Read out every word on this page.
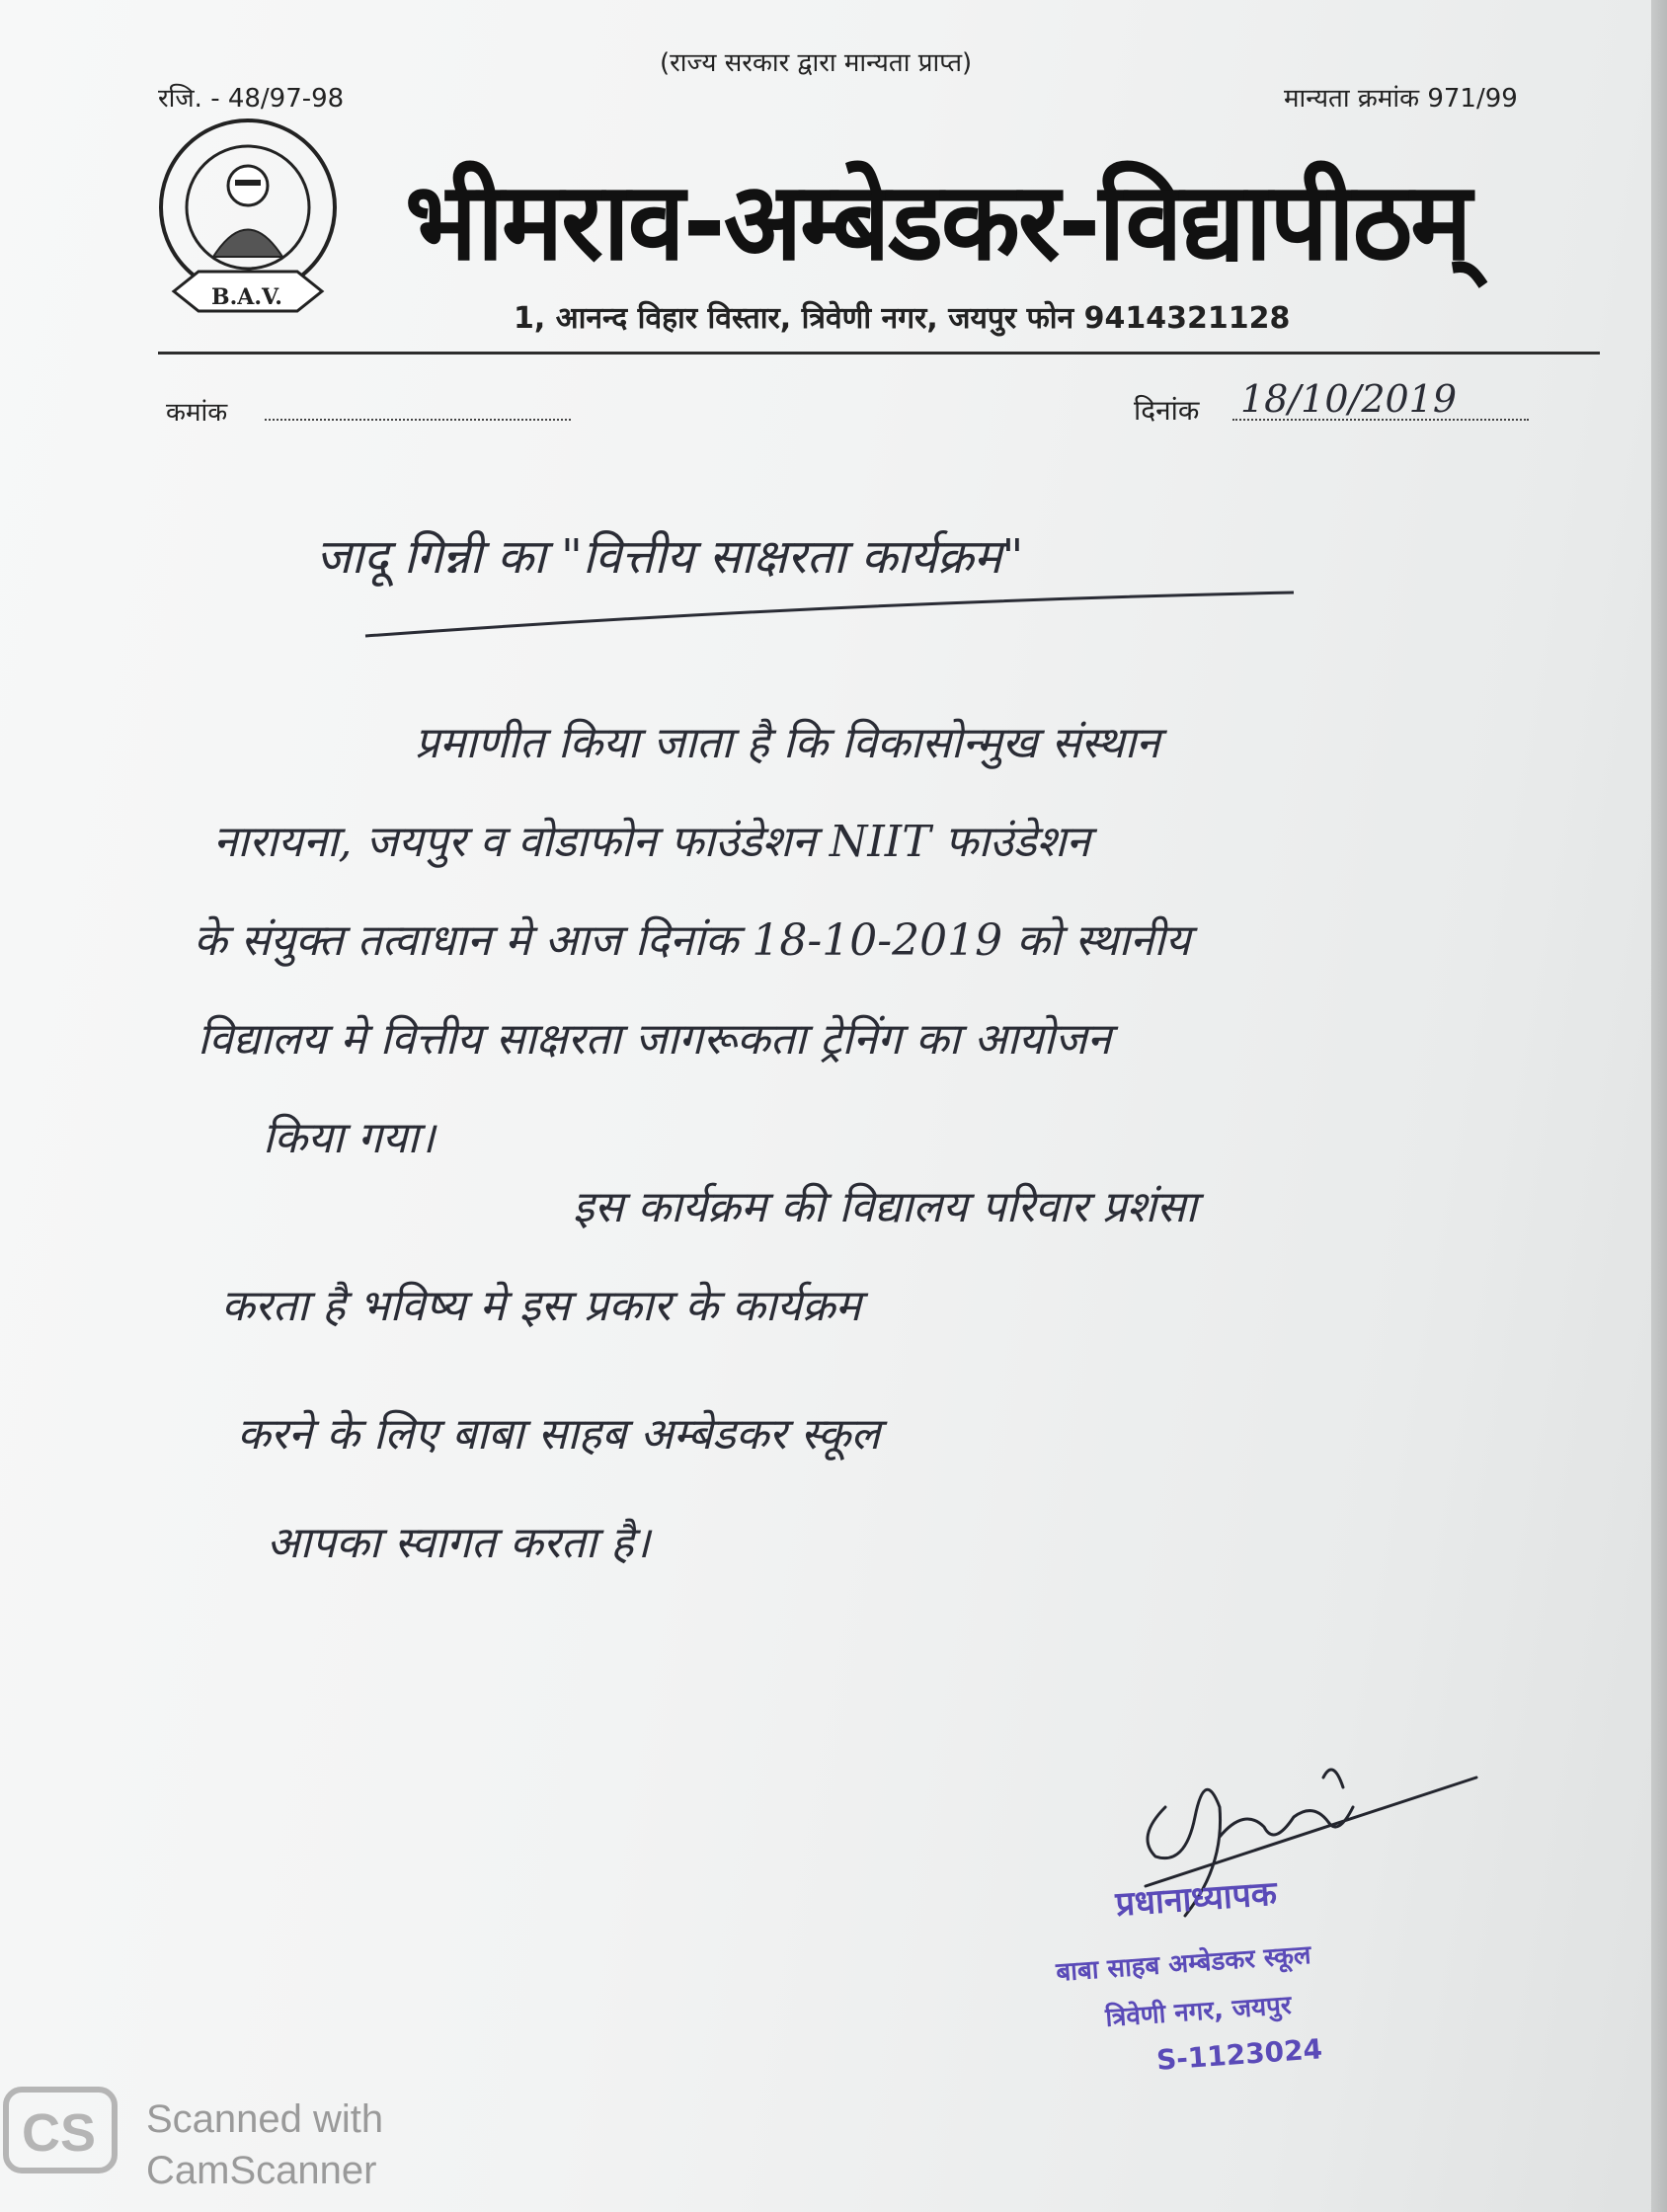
(राज्य सरकार द्वारा मान्यता प्राप्त)
रजि. - 48/97-98	मान्यता क्रमांक 971/99
B.A.V.
भीमराव-अम्बेडकर-विद्यापीठम्
1, आनन्द विहार विस्तार, त्रिवेणी नगर, जयपुर फोन 9414321128
कमांक	दिनांक 18/10/2019
जादू गिन्नी का "वित्तीय साक्षरता कार्यक्रम"
प्रमाणीत किया जाता है कि विकासोन्मुख संस्थान
नारायना, जयपुर व वोडाफोन फाउंडेशन NIIT फाउंडेशन
के संयुक्त तत्वाधान मे आज दिनांक 18-10-2019 को स्थानीय
विद्यालय मे वित्तीय साक्षरता जागरूकता ट्रेनिंग का आयोजन
किया गया।
इस कार्यक्रम की विद्यालय परिवार प्रशंसा
करता है भविष्य मे इस प्रकार के कार्यक्रम
करने के लिए बाबा साहब अम्बेडकर स्कूल
आपका स्वागत करता है।
प्रधानाध्यापक
बाबा साहब अम्बेडकर स्कूल
त्रिवेणी नगर, जयपुर
S-1123024
CS Scanned with
CamScanner
